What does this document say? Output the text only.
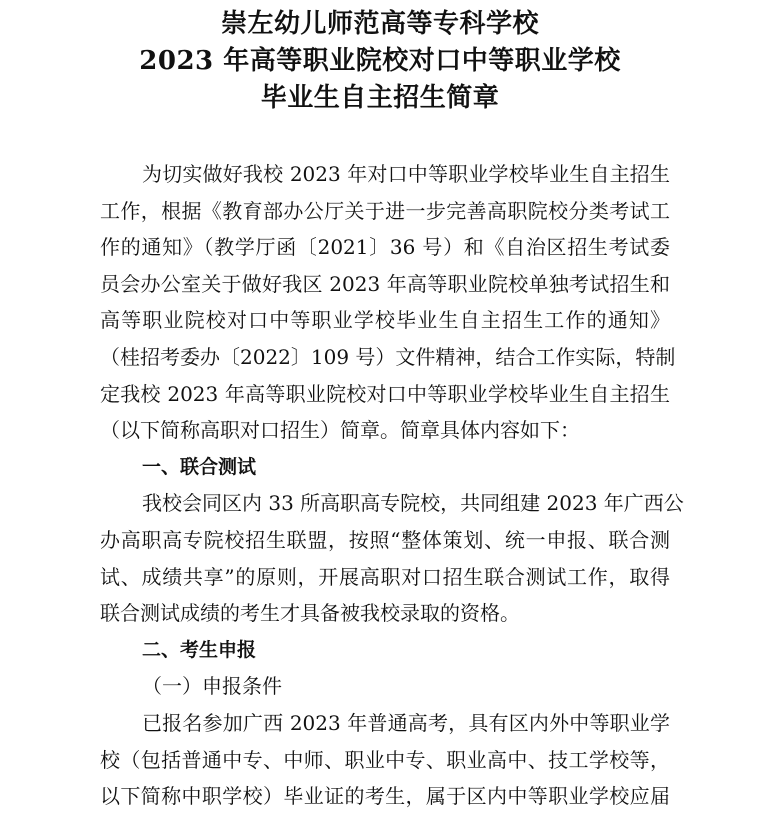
崇左幼儿师范高等专科学校
2023 年高等职业院校对口中等职业学校
毕业生自主招生简章
为切实做好我校 2023 年对口中等职业学校毕业生自主招生
工作，根据《教育部办公厅关于进一步完善高职院校分类考试工
作的通知》（教学厅函〔2021〕36 号）和《自治区招生考试委
员会办公室关于做好我区 2023 年高等职业院校单独考试招生和
高等职业院校对口中等职业学校毕业生自主招生工作的通知》
（桂招考委办〔2022〕109 号）文件精神，结合工作实际，特制
定我校 2023 年高等职业院校对口中等职业学校毕业生自主招生
（以下简称高职对口招生）简章。简章具体内容如下：
一、联合测试
我校会同区内 33 所高职高专院校，共同组建 2023 年广西公
办高职高专院校招生联盟，按照“整体策划、统一申报、联合测
试、成绩共享”的原则，开展高职对口招生联合测试工作，取得
联合测试成绩的考生才具备被我校录取的资格。
二、考生申报
（一）申报条件
已报名参加广西 2023 年普通高考，具有区内外中等职业学
校（包括普通中专、中师、职业中专、职业高中、技工学校等，
以下简称中职学校）毕业证的考生，属于区内中等职业学校应届
